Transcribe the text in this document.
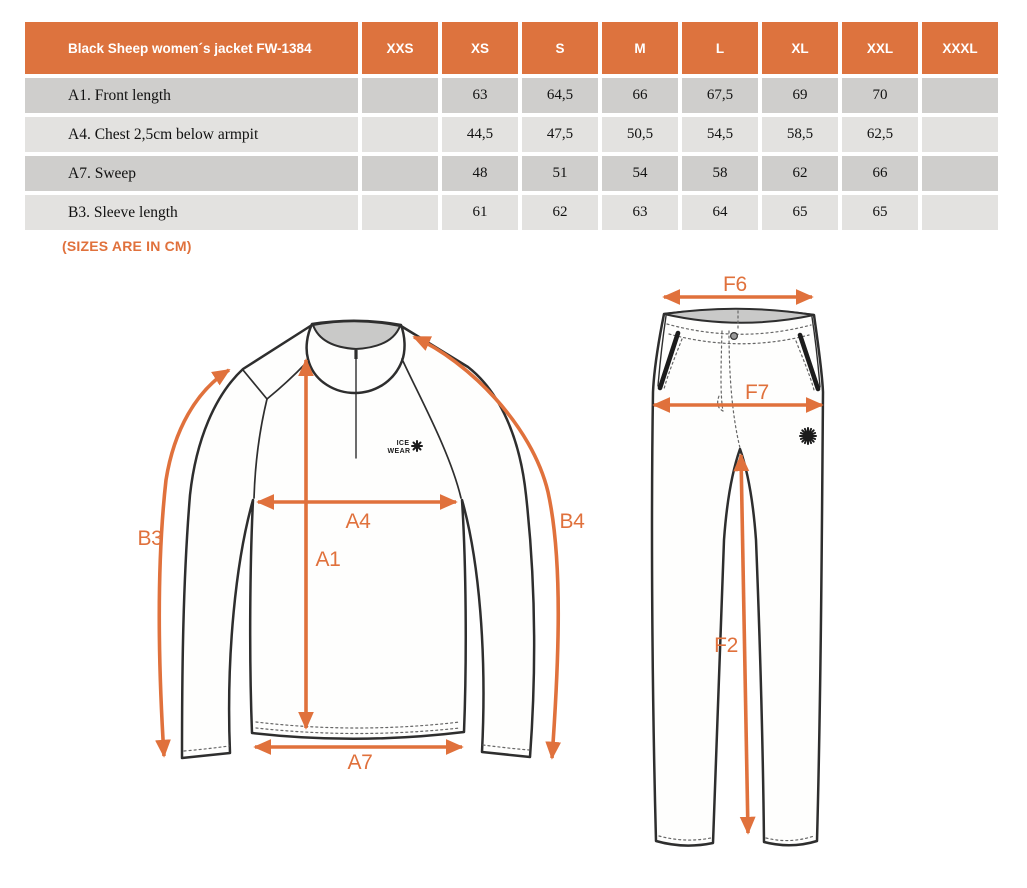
Black Sheep women´s jacket FW-1384	XXS	XS	S	M	L	XL	XXL	XXXL
A1. Front length		63	64,5	66	67,5	69	70	
A4. Chest 2,5cm below armpit		44,5	47,5	50,5	54,5	58,5	62,5	
A7. Sweep		48	51	54	58	62	66	
B3. Sleeve length		61	62	63	64	65	65	
(SIZES ARE IN CM)
ICE
WEAR
B3
B4
A4
A1
A7
F6
F7
F2
